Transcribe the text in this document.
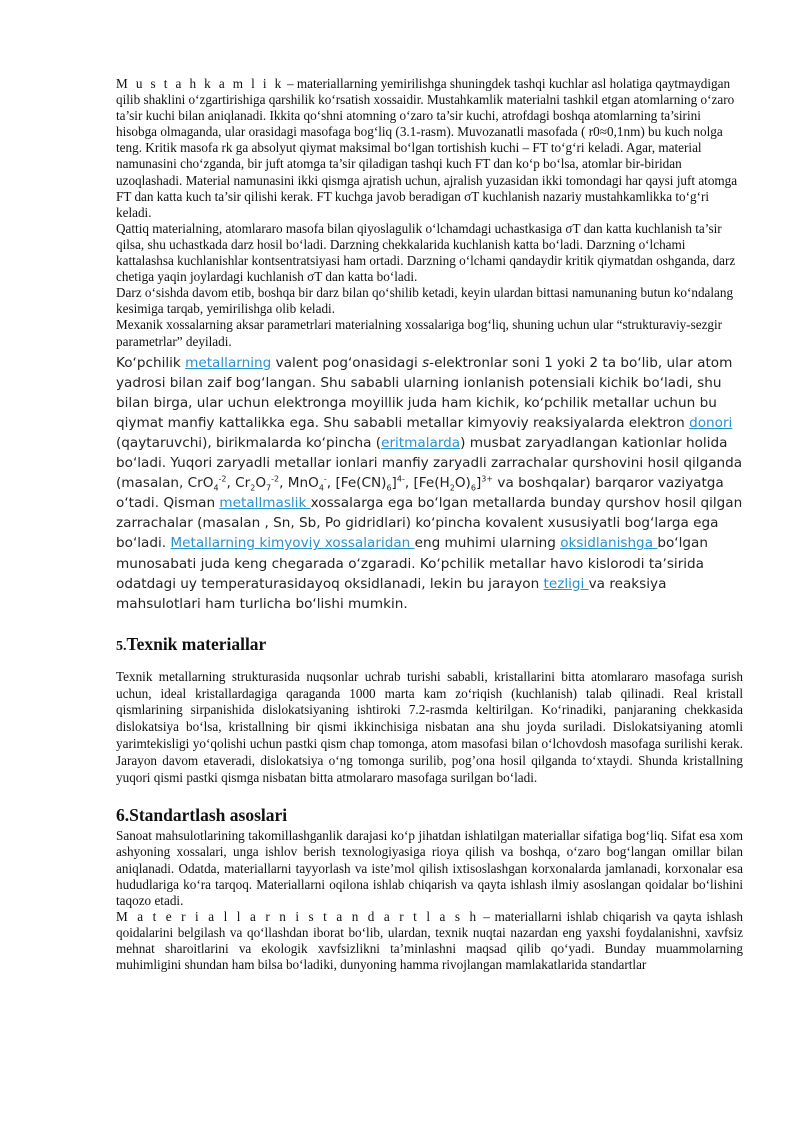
M u s t a h k a m l i k – materiallarning yemirilishga shuningdek tashqi kuchlar asl holatiga qaytmaydigan qilib shaklini o‘zgartirishiga qarshilik ko‘rsatish xossaidir. Mustahkamlik materialni tashkil etgan atomlarning o‘zaro ta’sir kuchi bilan aniqlanadi. Ikkita qo‘shni atomning o‘zaro ta’sir kuchi, atrofdagi boshqa atomlarning ta’sirini hisobga olmaganda, ular orasidagi masofaga bog‘liq (3.1-rasm). Muvozanatli masofada ( r0≈0,1nm) bu kuch nolga teng. Kritik masofa rk ga absolyut qiymat maksimal bo‘lgan tortishish kuchi – FT to‘g‘ri keladi. Agar, material namunasini cho‘zganda, bir juft atomga ta’sir qiladigan tashqi kuch FT dan ko‘p bo‘lsa, atomlar bir-biridan uzoqlashadi. Material namunasini ikki qismga ajratish uchun, ajralish yuzasidan ikki tomondagi har qaysi juft atomga FT dan katta kuch ta’sir qilishi kerak. FT kuchga javob beradigan σT kuchlanish nazariy mustahkamlikka to‘g‘ri keladi.

Qattiq materialning, atomlararo masofa bilan qiyoslagulik o‘lchamdagi uchastkasiga σT dan katta kuchlanish ta’sir qilsa, shu uchastkada darz hosil bo‘ladi. Darzning chekkalarida kuchlanish katta bo‘ladi. Darzning o‘lchami kattalashsa kuchlanishlar kontsentratsiyasi ham ortadi. Darzning o‘lchami qandaydir kritik qiymatdan oshganda, darz chetiga yaqin joylardagi kuchlanish σT dan katta bo‘ladi.

Darz o‘sishda davom etib, boshqa bir darz bilan qo‘shilib ketadi, keyin ulardan bittasi namunaning butun ko‘ndalang kesimiga tarqab, yemirilishga olib keladi.

Mexanik xossalarning aksar parametrlari materialning xossalariga bog‘liq, shuning uchun ular “strukturaviy-sezgir parametrlar” deyiladi.

Koʻpchilik metallarning valent pogʻonasidagi s-elektronlar soni 1 yoki 2 ta boʻlib, ular atom yadrosi bilan zaif bogʻlangan. Shu sababli ularning ionlanish potensiali kichik boʻladi, shu bilan birga, ular uchun elektronga moyillik juda ham kichik, koʻpchilik metallar uchun bu qiymat manfiy kattalikka ega. Shu sababli metallar kimyoviy reaksiyalarda elektron donori (qaytaruvchi), birikmalarda koʻpincha (eritmalarda) musbat zaryadlangan kationlar holida boʻladi. Yuqori zaryadli metallar ionlari manfiy zaryadli zarrachalar qurshovini hosil qilganda (masalan, CrO$_4^{-2}$, $Cr_2O_7^{-2}$, MnO$_4$-, $[Fe(CN)_6]^{4-}$, $[Fe(H_2O)_6]^{3+}$ va boshqalar) barqaror vaziyatga oʻtadi. Qisman metallmaslik xossalarga ega boʻlgan metallarda bunday qurshov hosil qilgan zarrachalar (masalan , Sn, Sb, Po gidridlari) koʻpincha kovalent xususiyatli bogʻlarga ega boʻladi. Metallarning kimyoviy xossalaridan eng muhimi ularning oksidlanishga boʻlgan munosabati juda keng chegarada oʻzgaradi. Koʻpchilik metallar havo kislorodi taʼsirida odatdagi uy temperaturasidayoq oksidlanadi, lekin bu jarayon tezligi va reaksiya mahsulotlari ham turlicha boʻlishi mumkin.

5.Texnik materiallar

Texnik metallarning strukturasida nuqsonlar uchrab turishi sababli, kristallarini bitta atomlararo masofaga surish uchun, ideal kristallardagiga qaraganda 1000 marta kam zo‘riqish (kuchlanish) talab qilinadi. Real kristall qismlarining sirpanishida dislokatsiyaning ishtiroki 7.2-rasmda keltirilgan. Ko‘rinadiki, panjaraning chekkasida dislokatsiya bo‘lsa, kristallning bir qismi ikkinchisiga nisbatan ana shu joyda suriladi. Dislokatsiyaning atomli yarimtekisligi yo‘qolishi uchun pastki qism chap tomonga, atom masofasi bilan o‘lchovdosh masofaga surilishi kerak. Jarayon davom etaveradi, dislokatsiya o‘ng tomonga surilib, pog’ona hosil qilganda to‘xtaydi. Shunda kristallning yuqori qismi pastki qismga nisbatan bitta atmolararo masofaga surilgan bo‘ladi.

6.Standartlash asoslari

Sanoat mahsulotlarining takomillashganlik darajasi ko‘p jihatdan ishlatilgan materiallar sifatiga bog‘liq. Sifat esa xom ashyoning xossalari, unga ishlov berish texnologiyasiga rioya qilish va boshqa, o‘zaro bog‘langan omillar bilan aniqlanadi. Odatda, materiallarni tayyorlash va iste’mol qilish ixtisoslashgan korxonalarda jamlanadi, korxonalar esa hududlariga ko‘ra tarqoq. Materiallarni oqilona ishlab chiqarish va qayta ishlash ilmiy asoslangan qoidalar bo‘lishini taqozo etadi.

M a t e r i a l l a r n i s t a n d a r t l a s h – materiallarni ishlab chiqarish va qayta ishlash qoidalarini belgilash va qo‘llashdan iborat bo‘lib, ulardan, texnik nuqtai nazardan eng yaxshi foydalanishni, xavfsiz mehnat sharoitlarini va ekologik xavfsizlikni ta’minlashni maqsad qilib qo‘yadi. Bunday muammolarning muhimligini shundan ham bilsa bo‘ladiki, dunyoning hamma rivojlangan mamlakatlarida standartlar
